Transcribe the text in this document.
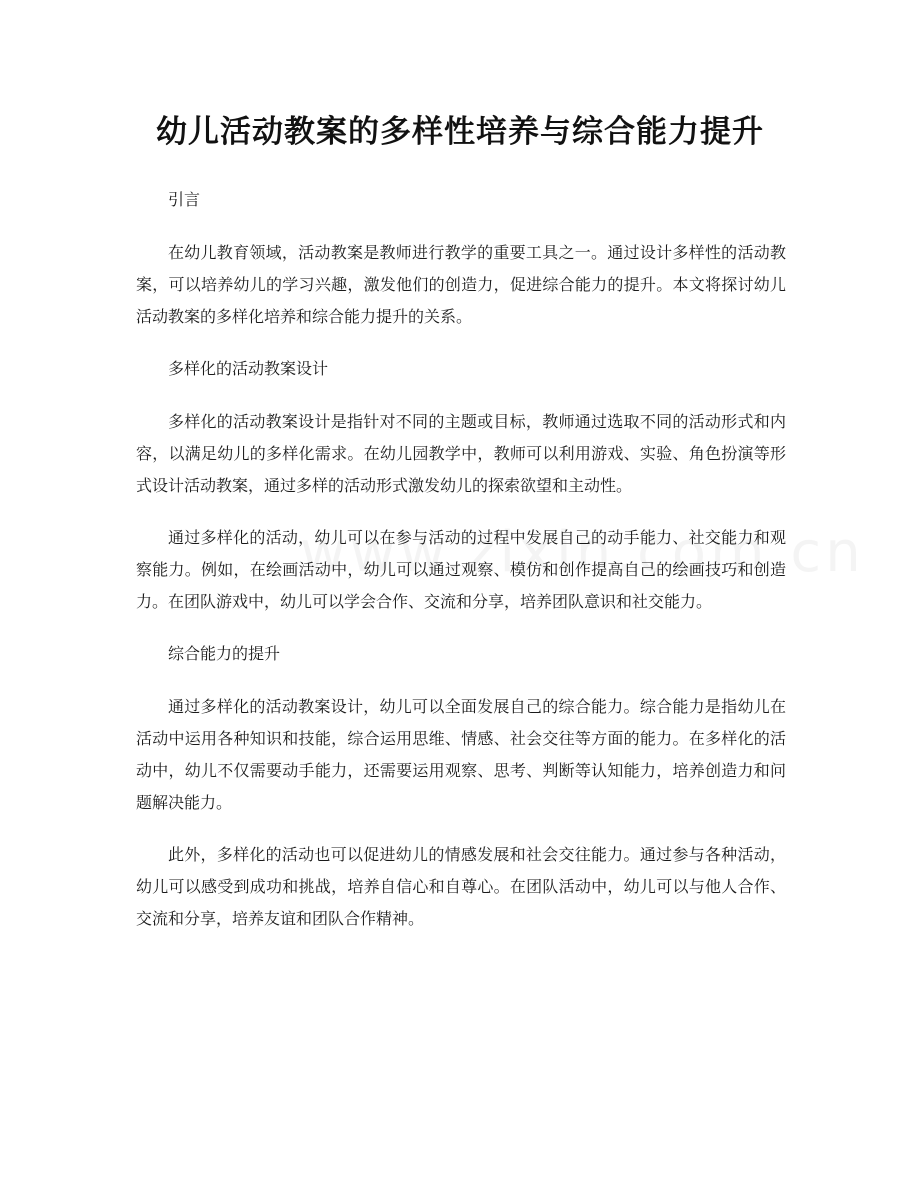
幼儿活动教案的多样性培养与综合能力提升

引言

在幼儿教育领域，活动教案是教师进行教学的重要工具之一。通过设计多样性的活动教案，可以培养幼儿的学习兴趣，激发他们的创造力，促进综合能力的提升。本文将探讨幼儿活动教案的多样化培养和综合能力提升的关系。

多样化的活动教案设计

多样化的活动教案设计是指针对不同的主题或目标，教师通过选取不同的活动形式和内容，以满足幼儿的多样化需求。在幼儿园教学中，教师可以利用游戏、实验、角色扮演等形式设计活动教案，通过多样的活动形式激发幼儿的探索欲望和主动性。

通过多样化的活动，幼儿可以在参与活动的过程中发展自己的动手能力、社交能力和观察能力。例如，在绘画活动中，幼儿可以通过观察、模仿和创作提高自己的绘画技巧和创造力。在团队游戏中，幼儿可以学会合作、交流和分享，培养团队意识和社交能力。

综合能力的提升

通过多样化的活动教案设计，幼儿可以全面发展自己的综合能力。综合能力是指幼儿在活动中运用各种知识和技能，综合运用思维、情感、社会交往等方面的能力。在多样化的活动中，幼儿不仅需要动手能力，还需要运用观察、思考、判断等认知能力，培养创造力和问题解决能力。

此外，多样化的活动也可以促进幼儿的情感发展和社会交往能力。通过参与各种活动，幼儿可以感受到成功和挑战，培养自信心和自尊心。在团队活动中，幼儿可以与他人合作、交流和分享，培养友谊和团队合作精神。
